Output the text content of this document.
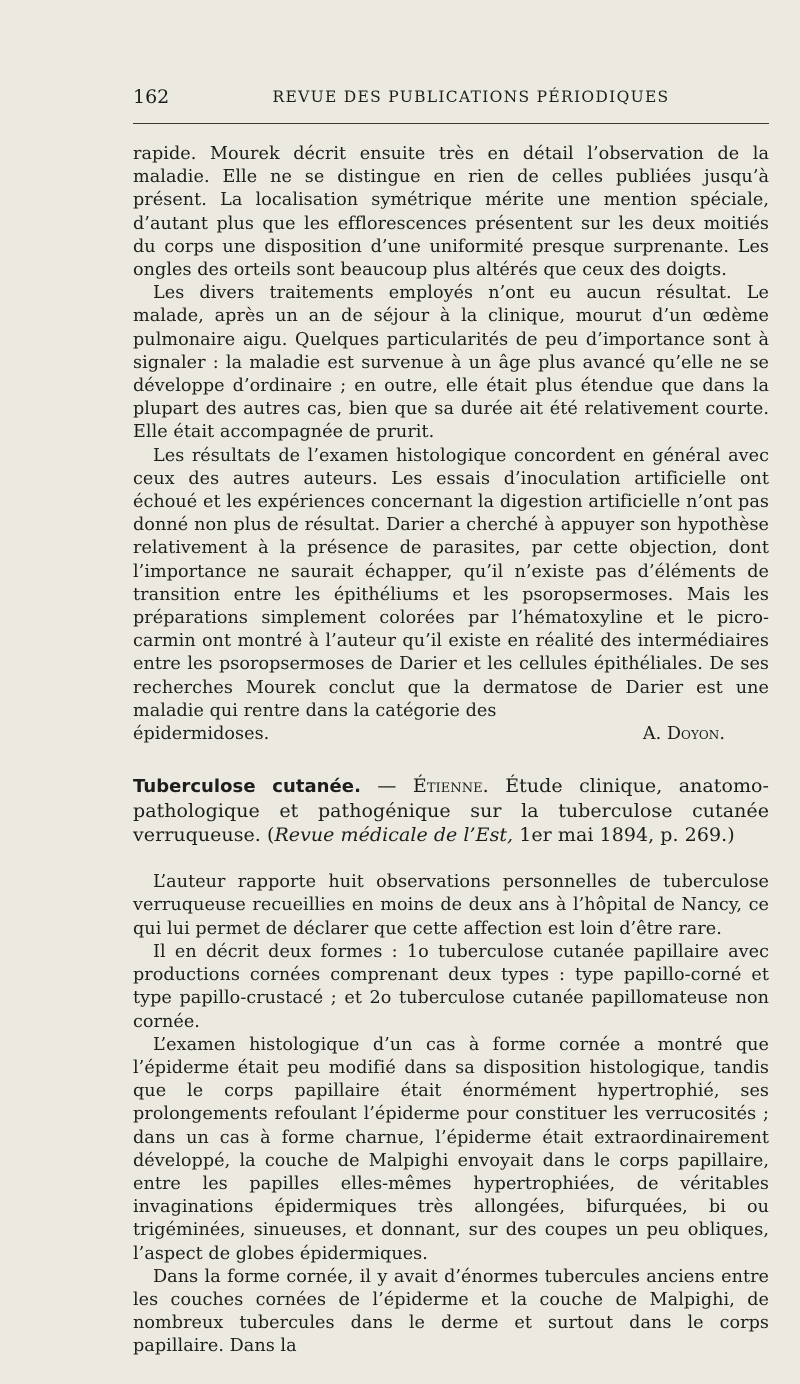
162	REVUE DES PUBLICATIONS PÉRIODIQUES

rapide. Mourek décrit ensuite très en détail l’observation de la maladie. Elle ne se distingue en rien de celles publiées jusqu’à présent. La localisation symétrique mérite une mention spéciale, d’autant plus que les efflorescences présentent sur les deux moitiés du corps une disposition d’une uniformité presque surprenante. Les ongles des orteils sont beaucoup plus altérés que ceux des doigts.

Les divers traitements employés n’ont eu aucun résultat. Le malade, après un an de séjour à la clinique, mourut d’un œdème pulmonaire aigu. Quelques particularités de peu d’importance sont à signaler : la maladie est survenue à un âge plus avancé qu’elle ne se développe d’ordinaire ; en outre, elle était plus étendue que dans la plupart des autres cas, bien que sa durée ait été relativement courte. Elle était accompagnée de prurit.

Les résultats de l’examen histologique concordent en général avec ceux des autres auteurs. Les essais d’inoculation artificielle ont échoué et les expériences concernant la digestion artificielle n’ont pas donné non plus de résultat. Darier a cherché à appuyer son hypothèse relativement à la présence de parasites, par cette objection, dont l’importance ne saurait échapper, qu’il n’existe pas d’éléments de transition entre les épithéliums et les psoropsermoses. Mais les préparations simplement colorées par l’hématoxyline et le picro-carmin ont montré à l’auteur qu’il existe en réalité des intermédiaires entre les psoropsermoses de Darier et les cellules épithéliales. De ses recherches Mourek conclut que la dermatose de Darier est une maladie qui rentre dans la catégorie des

épidermidoses.	A. Doyon.
Tuberculose cutanée. — Étienne. Étude clinique, anatomo-pathologique et pathogénique sur la tuberculose cutanée verruqueuse. (Revue médicale de l’Est, 1er mai 1894, p. 269.)

L’auteur rapporte huit observations personnelles de tuberculose verruqueuse recueillies en moins de deux ans à l’hôpital de Nancy, ce qui lui permet de déclarer que cette affection est loin d’être rare.

Il en décrit deux formes : 1o tuberculose cutanée papillaire avec productions cornées comprenant deux types : type papillo-corné et type papillo-crustacé ; et 2o tuberculose cutanée papillomateuse non cornée.

L’examen histologique d’un cas à forme cornée a montré que l’épiderme était peu modifié dans sa disposition histologique, tandis que le corps papillaire était énormément hypertrophié, ses prolongements refoulant l’épiderme pour constituer les verrucosités ; dans un cas à forme charnue, l’épiderme était extraordinairement développé, la couche de Malpighi envoyait dans le corps papillaire, entre les papilles elles-mêmes hypertrophiées, de véritables invaginations épidermiques très allongées, bifurquées, bi ou trigéminées, sinueuses, et donnant, sur des coupes un peu obliques, l’aspect de globes épidermiques.

Dans la forme cornée, il y avait d’énormes tubercules anciens entre les couches cornées de l’épiderme et la couche de Malpighi, de nombreux tubercules dans le derme et surtout dans le corps papillaire. Dans la
